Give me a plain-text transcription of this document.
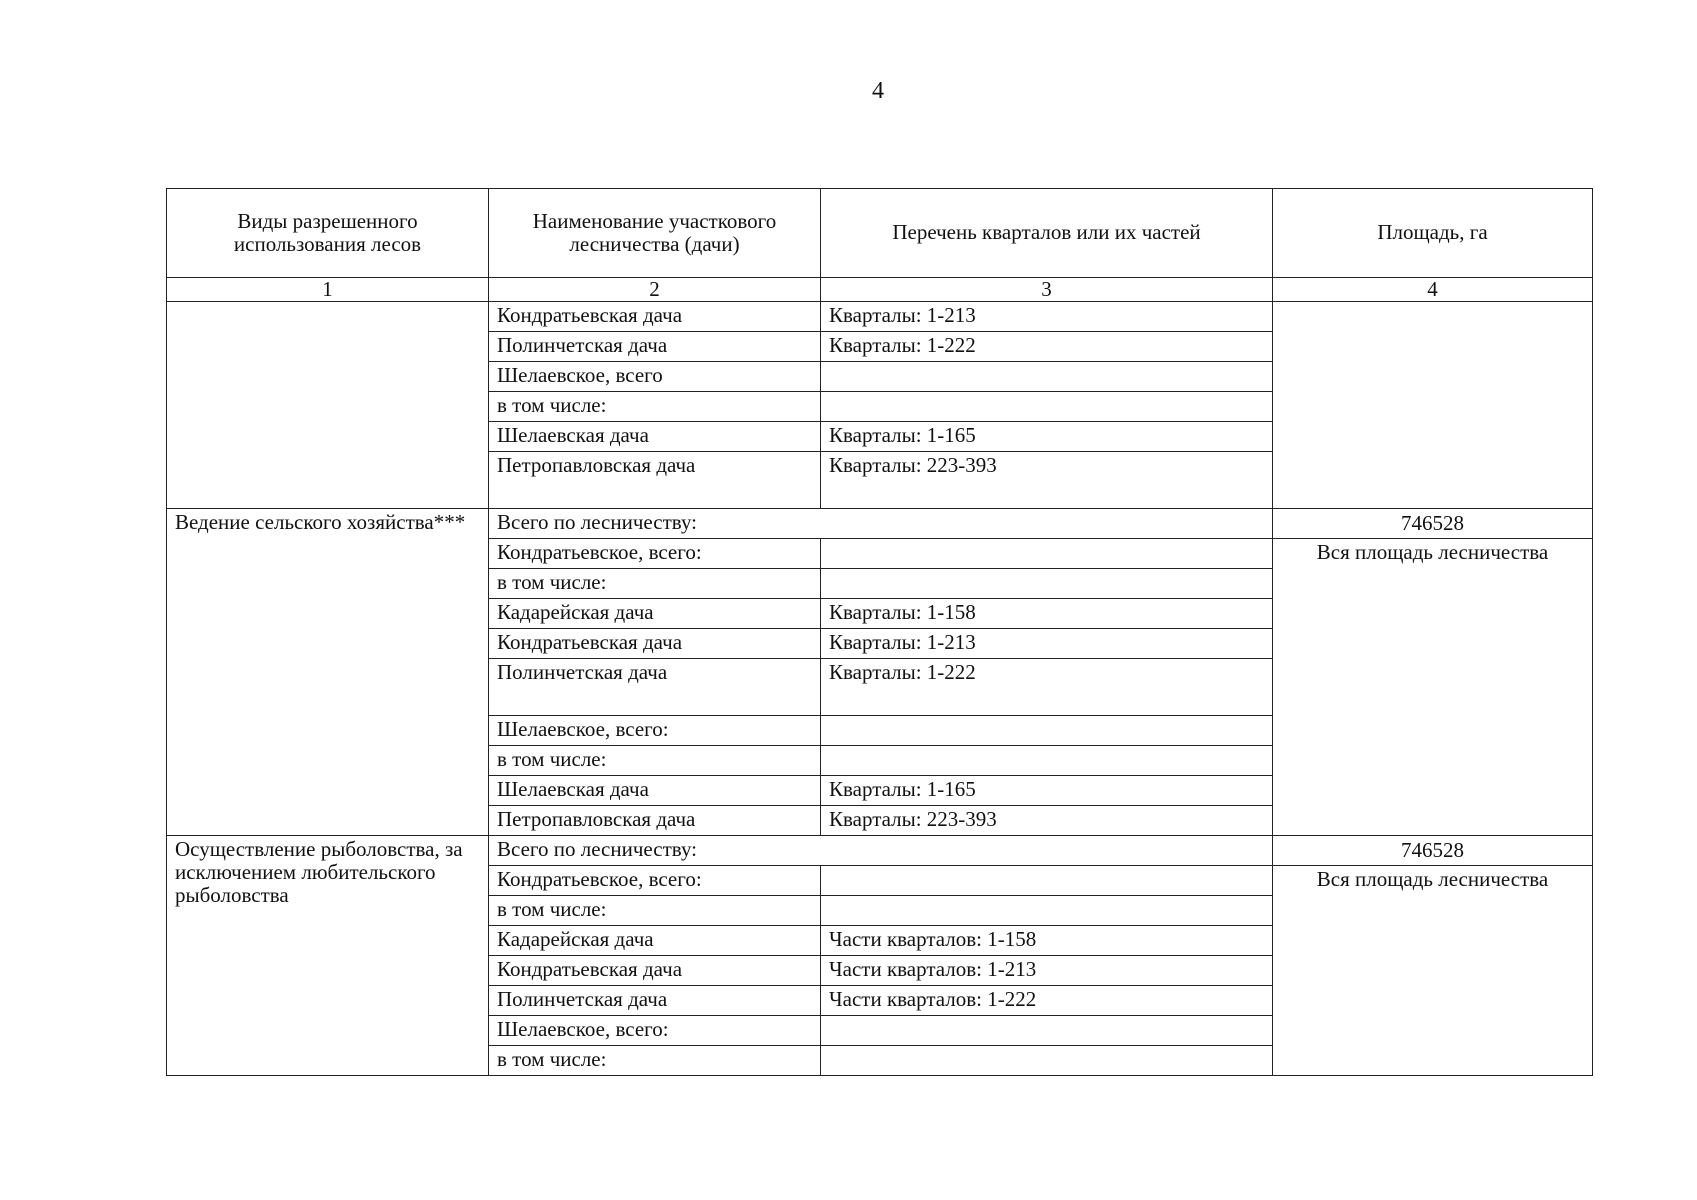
4
Виды разрешенного использования лесов	Наименование участкового лесничества (дачи)	Перечень кварталов или их частей	Площадь, га
1	2	3	4
	Кондратьевская дача	Кварталы: 1-213	
	Полинчетская дача	Кварталы: 1-222	
	Шелаевское, всего		
	в том числе:		
	Шелаевская дача	Кварталы: 1-165	
	Петропавловская дача	Кварталы: 223-393	
Ведение сельского хозяйства***	Всего по лесничеству:		746528
	Кондратьевское, всего:		Вся площадь лесничества
	в том числе:		
	Кадарейская дача	Кварталы: 1-158	
	Кондратьевская дача	Кварталы: 1-213	
	Полинчетская дача	Кварталы: 1-222	
	Шелаевское, всего:		
	в том числе:		
	Шелаевская дача	Кварталы: 1-165	
	Петропавловская дача	Кварталы: 223-393	
Осуществление рыболовства, за исключением любительского рыболовства	Всего по лесничеству:		746528
	Кондратьевское, всего:		Вся площадь лесничества
	в том числе:		
	Кадарейская дача	Части кварталов: 1-158	
	Кондратьевская дача	Части кварталов: 1-213	
	Полинчетская дача	Части кварталов: 1-222	
	Шелаевское, всего:		
	в том числе:		
